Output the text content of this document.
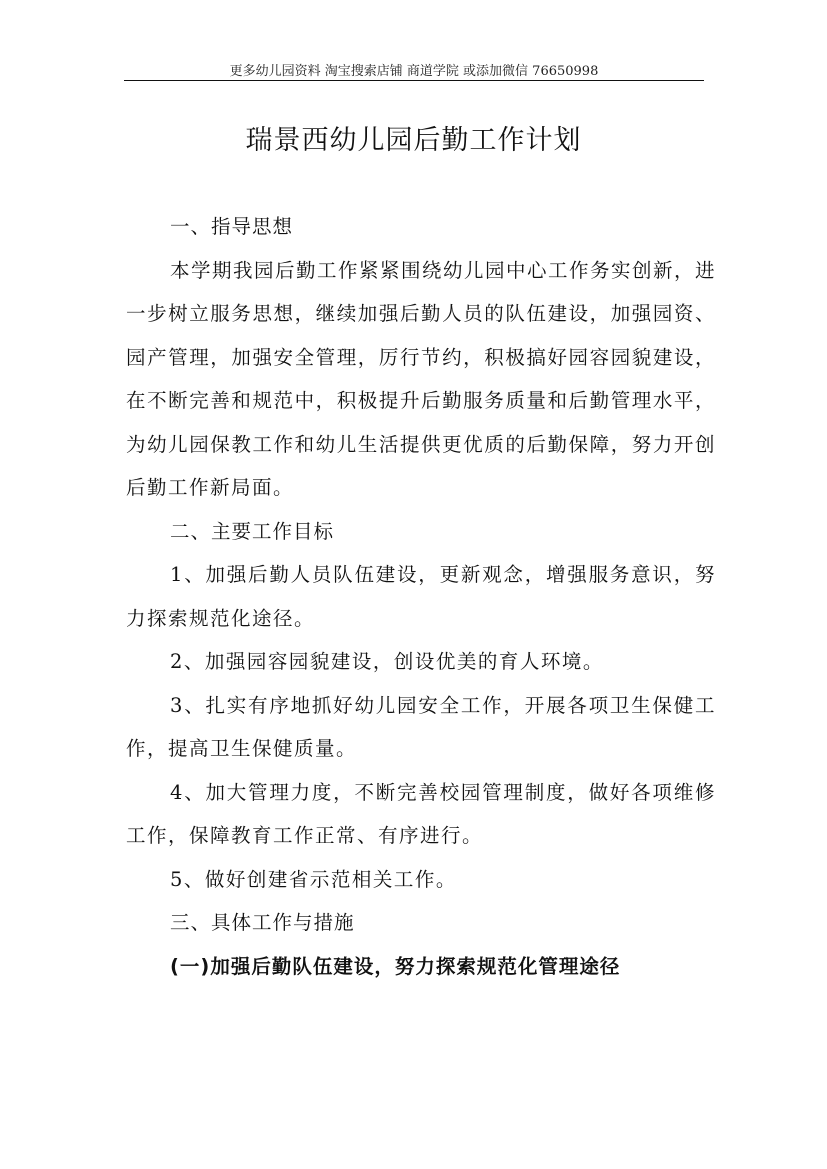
更多幼儿园资料 淘宝搜索店铺 商道学院 或添加微信 76650998
瑞景西幼儿园后勤工作计划

一、指导思想

本学期我园后勤工作紧紧围绕幼儿园中心工作务实创新，进一步树立服务思想，继续加强后勤人员的队伍建设，加强园资、园产管理，加强安全管理，厉行节约，积极搞好园容园貌建设，在不断完善和规范中，积极提升后勤服务质量和后勤管理水平，为幼儿园保教工作和幼儿生活提供更优质的后勤保障，努力开创后勤工作新局面。

二、主要工作目标

1、加强后勤人员队伍建设，更新观念，增强服务意识，努力探索规范化途径。

2、加强园容园貌建设，创设优美的育人环境。

3、扎实有序地抓好幼儿园安全工作，开展各项卫生保健工作，提高卫生保健质量。

4、加大管理力度，不断完善校园管理制度，做好各项维修工作，保障教育工作正常、有序进行。

5、做好创建省示范相关工作。

三、具体工作与措施

(一)加强后勤队伍建设，努力探索规范化管理途径
